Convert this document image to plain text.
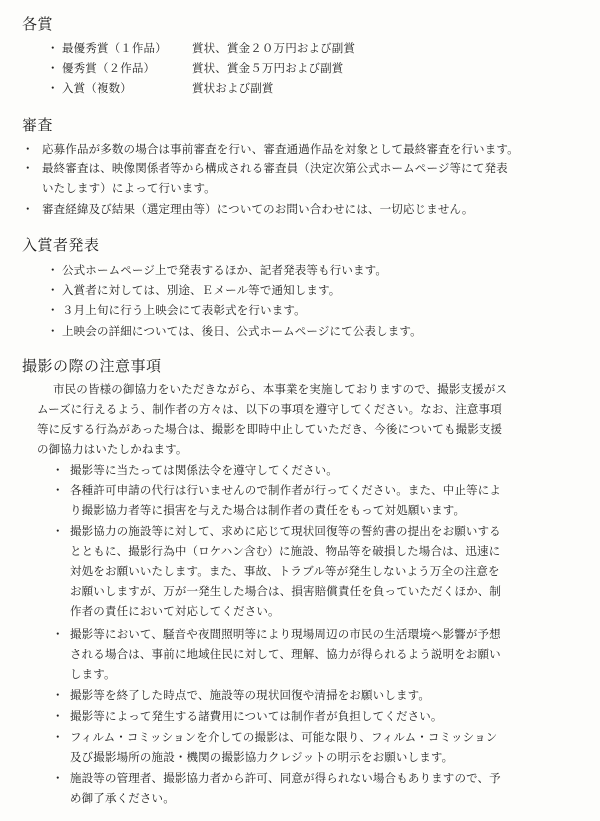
各賞
・ 最優秀賞（１作品） 賞状、賞金２０万円および副賞
・ 優秀賞（２作品）	賞状、賞金５万円および副賞
・ 入賞（複数）	賞状および副賞
審査
・ 応募作品が多数の場合は事前審査を行い、審査通過作品を対象として最終審査を行います。
・ 最終審査は、映像関係者等から構成される審査員（決定次第公式ホームページ等にて発表
いたします）によって行います。
・ 審査経緯及び結果（選定理由等）についてのお問い合わせには、一切応じません。
入賞者発表
・ 公式ホームページ上で発表するほか、記者発表等も行います。
・ 入賞者に対しては、別途、Ｅメール等で通知します。
・ ３月上旬に行う上映会にて表彰式を行います。
・ 上映会の詳細については、後日、公式ホームページにて公表します。
撮影の際の注意事項
市民の皆様の御協力をいただきながら、本事業を実施しておりますので、撮影支援がス
ムーズに行えるよう、制作者の方々は、以下の事項を遵守してください。なお、注意事項
等に反する行為があった場合は、撮影を即時中止していただき、今後についても撮影支援
の御協力はいたしかねます。
・ 撮影等に当たっては関係法令を遵守してください。
・ 各種許可申請の代行は行いませんので制作者が行ってください。また、中止等によ
り撮影協力者等に損害を与えた場合は制作者の責任をもって対処願います。
・ 撮影協力の施設等に対して、求めに応じて現状回復等の誓約書の提出をお願いする
とともに、撮影行為中（ロケハン含む）に施設、物品等を破損した場合は、迅速に
対処をお願いいたします。また、事故、トラブル等が発生しないよう万全の注意を
お願いしますが、万が一発生した場合は、損害賠償責任を負っていただくほか、制
作者の責任において対応してください。
・ 撮影等において、騒音や夜間照明等により現場周辺の市民の生活環境へ影響が予想
される場合は、事前に地域住民に対して、理解、協力が得られるよう説明をお願い
します。
・ 撮影等を終了した時点で、施設等の現状回復や清掃をお願いします。
・ 撮影等によって発生する諸費用については制作者が負担してください。
・ フィルム・コミッションを介しての撮影は、可能な限り、フィルム・コミッション
及び撮影場所の施設・機関の撮影協力クレジットの明示をお願いします。
・ 施設等の管理者、撮影協力者から許可、同意が得られない場合もありますので、予
め御了承ください。
